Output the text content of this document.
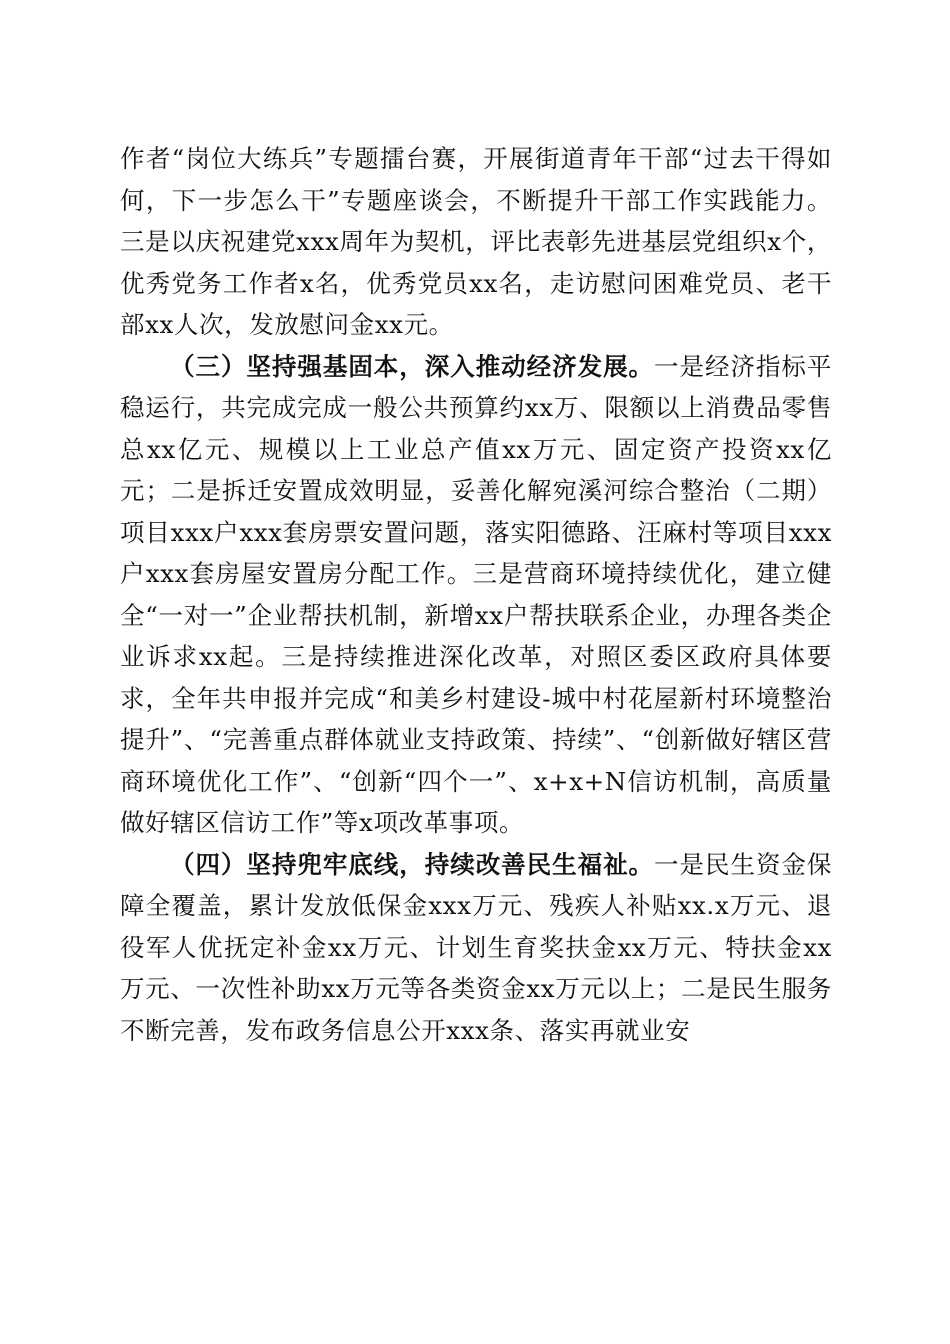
作者“岗位大练兵”专题擂台赛，开展街道青年干部“过去干得如何，下一步怎么干”专题座谈会，不断提升干部工作实践能力。三是以庆祝建党xxx周年为契机，评比表彰先进基层党组织x个，优秀党务工作者x名，优秀党员xx名，走访慰问困难党员、老干部xx人次，发放慰问金xx元。

（三）坚持强基固本，深入推动经济发展。一是经济指标平稳运行，共完成完成一般公共预算约xx万、限额以上消费品零售总xx亿元、规模以上工业总产值xx万元、固定资产投资xx亿元；二是拆迁安置成效明显，妥善化解宛溪河综合整治（二期）项目xxx户xxx套房票安置问题，落实阳德路、汪麻村等项目xxx户xxx套房屋安置房分配工作。三是营商环境持续优化，建立健全“一对一”企业帮扶机制，新增xx户帮扶联系企业，办理各类企业诉求xx起。三是持续推进深化改革，对照区委区政府具体要求，全年共申报并完成“和美乡村建设-城中村花屋新村环境整治提升”、“完善重点群体就业支持政策、持续”、“创新做好辖区营商环境优化工作”、“创新“四个一”、x+x+N信访机制，高质量做好辖区信访工作”等x项改革事项。

（四）坚持兜牢底线，持续改善民生福祉。一是民生资金保障全覆盖，累计发放低保金xxx万元、残疾人补贴xx.x万元、退役军人优抚定补金xx万元、计划生育奖扶金xx万元、特扶金xx万元、一次性补助xx万元等各类资金xx万元以上；二是民生服务不断完善，发布政务信息公开xxx条、落实再就业安
